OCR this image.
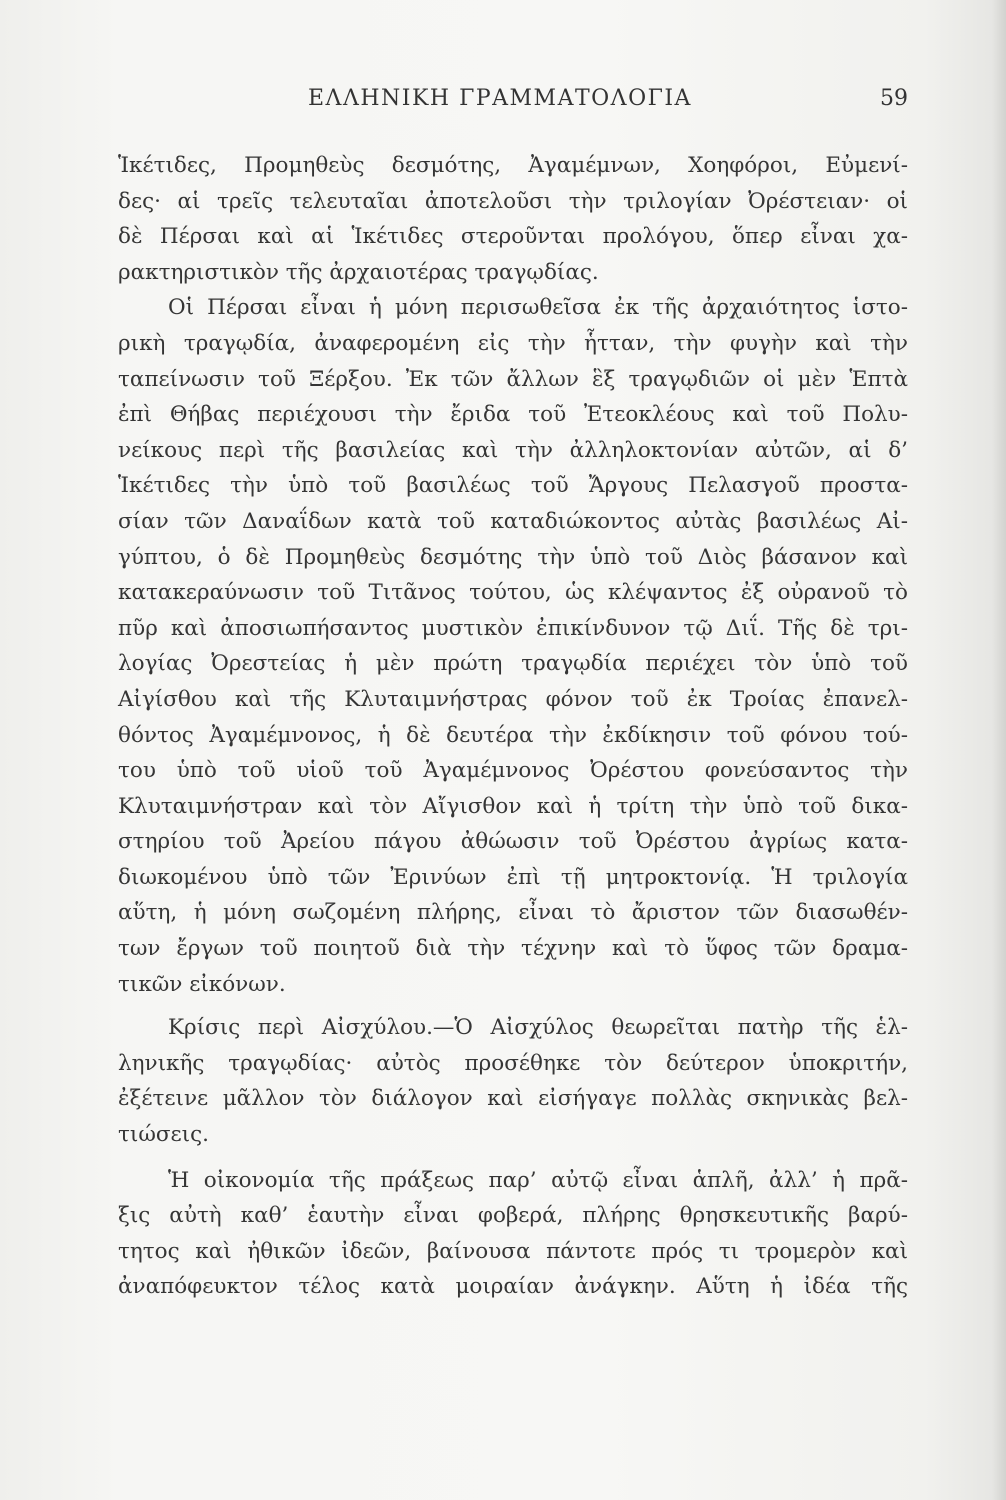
ΕΛΛΗΝΙΚΗ ΓΡΑΜΜΑΤΟΛΟΓΙΑ	59
Ἱκέτιδες, Προμηθεὺς δεσμότης, Ἀγαμέμνων, Χοηφόροι, Εὐμενί-
δες· αἱ τρεῖς τελευταῖαι ἀποτελοῦσι τὴν τριλογίαν Ὀρέστειαν· οἱ
δὲ Πέρσαι καὶ αἱ Ἱκέτιδες στεροῦνται προλόγου, ὅπερ εἶναι χα-
ρακτηριστικὸν τῆς ἀρχαιοτέρας τραγῳδίας.
Οἱ Πέρσαι εἶναι ἡ μόνη περισωθεῖσα ἐκ τῆς ἀρχαιότητος ἱστο-
ρικὴ τραγῳδία, ἀναφερομένη εἰς τὴν ἧτταν, τὴν φυγὴν καὶ τὴν
ταπείνωσιν τοῦ Ξέρξου. Ἐκ τῶν ἄλλων ἓξ τραγῳδιῶν οἱ μὲν Ἑπτὰ
ἐπὶ Θήβας περιέχουσι τὴν ἔριδα τοῦ Ἐτεοκλέους καὶ τοῦ Πολυ-
νείκους περὶ τῆς βασιλείας καὶ τὴν ἀλληλοκτονίαν αὐτῶν, αἱ δ’
Ἱκέτιδες τὴν ὑπὸ τοῦ βασιλέως τοῦ Ἄργους Πελασγοῦ προστα-
σίαν τῶν Δαναΐδων κατὰ τοῦ καταδιώκοντος αὐτὰς βασιλέως Αἰ-
γύπτου, ὁ δὲ Προμηθεὺς δεσμότης τὴν ὑπὸ τοῦ Διὸς βάσανον καὶ
κατακεραύνωσιν τοῦ Τιτᾶνος τούτου, ὡς κλέψαντος ἐξ οὐρανοῦ τὸ
πῦρ καὶ ἀποσιωπήσαντος μυστικὸν ἐπικίνδυνον τῷ Διΐ. Τῆς δὲ τρι-
λογίας Ὀρεστείας ἡ μὲν πρώτη τραγῳδία περιέχει τὸν ὑπὸ τοῦ
Αἰγίσθου καὶ τῆς Κλυταιμνήστρας φόνον τοῦ ἐκ Τροίας ἐπανελ-
θόντος Ἀγαμέμνονος, ἡ δὲ δευτέρα τὴν ἐκδίκησιν τοῦ φόνου τού-
του ὑπὸ τοῦ υἱοῦ τοῦ Ἀγαμέμνονος Ὀρέστου φονεύσαντος τὴν
Κλυταιμνήστραν καὶ τὸν Αἴγισθον καὶ ἡ τρίτη τὴν ὑπὸ τοῦ δικα-
στηρίου τοῦ Ἀρείου πάγου ἀθώωσιν τοῦ Ὀρέστου ἀγρίως κατα-
διωκομένου ὑπὸ τῶν Ἐρινύων ἐπὶ τῇ μητροκτονίᾳ. Ἡ τριλογία
αὕτη, ἡ μόνη σωζομένη πλήρης, εἶναι τὸ ἄριστον τῶν διασωθέν-
των ἔργων τοῦ ποιητοῦ διὰ τὴν τέχνην καὶ τὸ ὕφος τῶν δραμα-
τικῶν εἰκόνων.
Κρίσις περὶ Αἰσχύλου.—Ὁ Αἰσχύλος θεωρεῖται πατὴρ τῆς ἑλ-
ληνικῆς τραγῳδίας· αὐτὸς προσέθηκε τὸν δεύτερον ὑποκριτήν,
ἐξέτεινε μᾶλλον τὸν διάλογον καὶ εἰσήγαγε πολλὰς σκηνικὰς βελ-
τιώσεις.
Ἡ οἰκονομία τῆς πράξεως παρ’ αὐτῷ εἶναι ἁπλῆ, ἀλλ’ ἡ πρᾶ-
ξις αὐτὴ καθ’ ἑαυτὴν εἶναι φοβερά, πλήρης θρησκευτικῆς βαρύ-
τητος καὶ ἠθικῶν ἰδεῶν, βαίνουσα πάντοτε πρός τι τρομερὸν καὶ
ἀναπόφευκτον τέλος κατὰ μοιραίαν ἀνάγκην. Αὕτη ἡ ἰδέα τῆς
